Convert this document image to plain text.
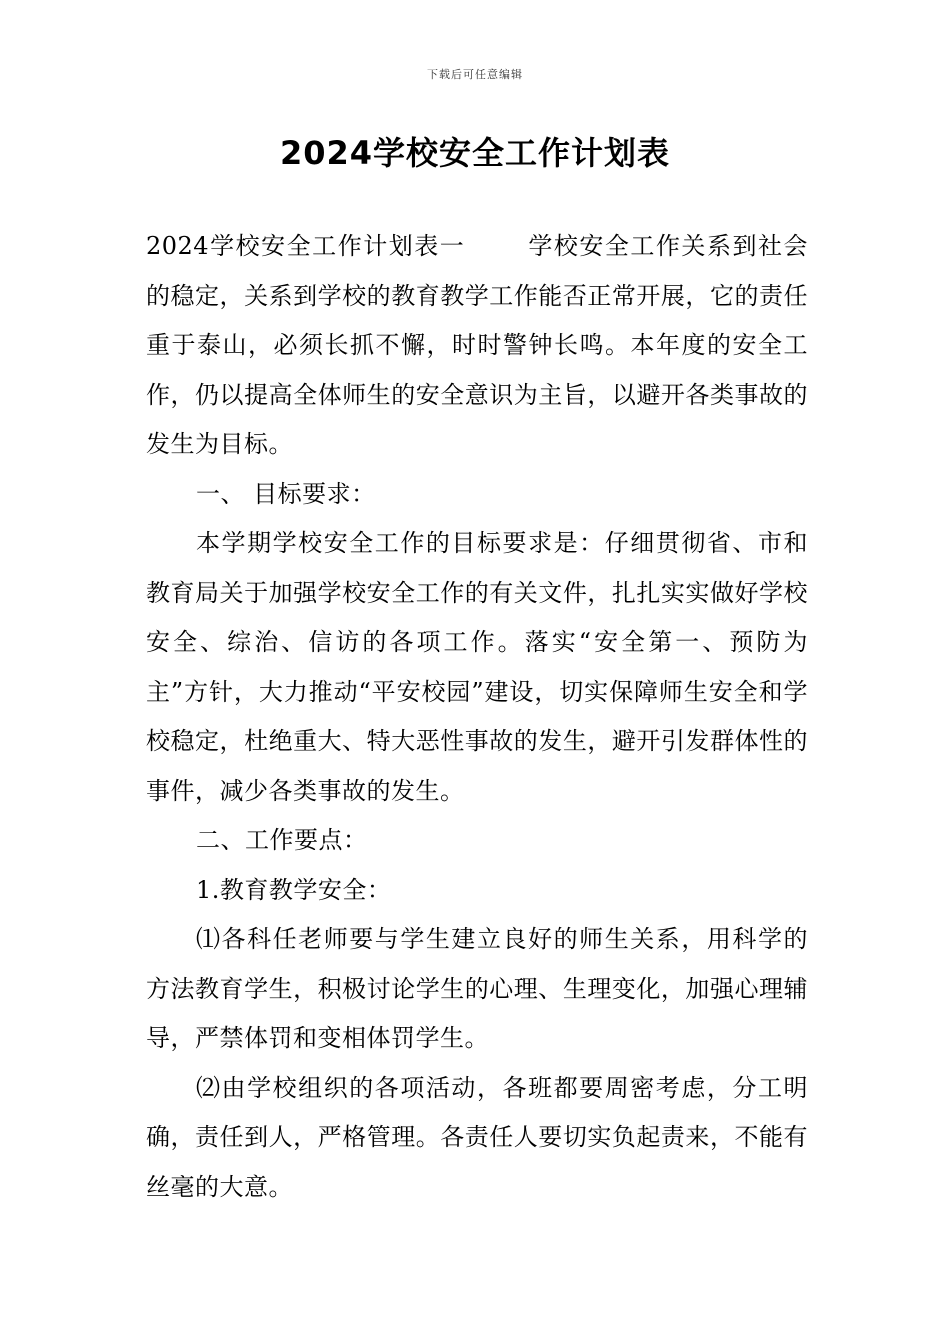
下载后可任意编辑
2024学校安全工作计划表

2024学校安全工作计划表一	学校安全工作关系到社会的稳定，关系到学校的教育教学工作能否正常开展，它的责任重于泰山，必须长抓不懈，时时警钟长鸣。本年度的安全工作，仍以提高全体师生的安全意识为主旨，以避开各类事故的发生为目标。

一、 目标要求：

本学期学校安全工作的目标要求是：仔细贯彻省、市和教育局关于加强学校安全工作的有关文件，扎扎实实做好学校安全、综治、信访的各项工作。落实“安全第一、预防为主”方针，大力推动“平安校园”建设，切实保障师生安全和学校稳定，杜绝重大、特大恶性事故的发生，避开引发群体性的事件，减少各类事故的发生。

二、工作要点：

1.教育教学安全：

⑴各科任老师要与学生建立良好的师生关系，用科学的方法教育学生，积极讨论学生的心理、生理变化，加强心理辅导，严禁体罚和变相体罚学生。

⑵由学校组织的各项活动，各班都要周密考虑，分工明确，责任到人，严格管理。各责任人要切实负起责来，不能有丝毫的大意。
